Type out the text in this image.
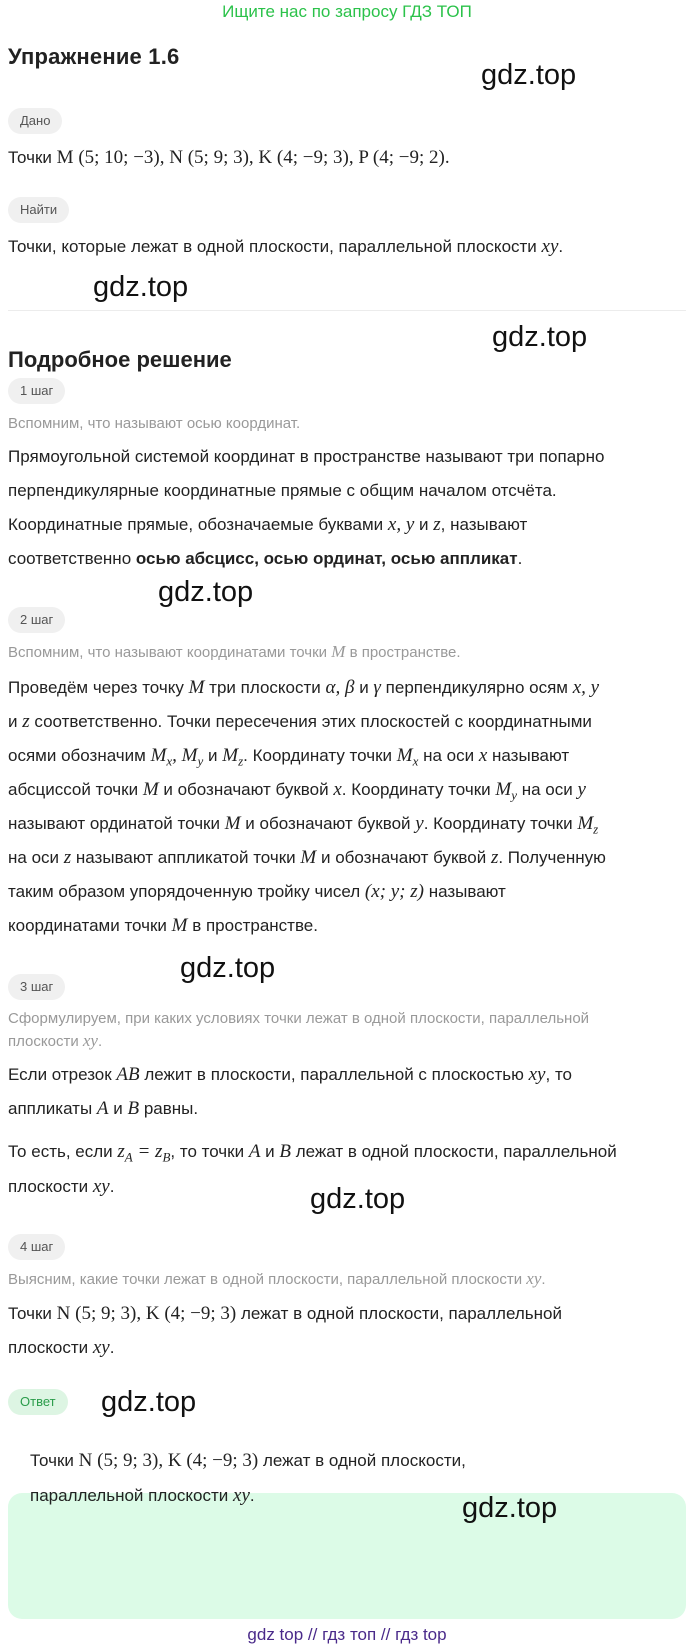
Ищите нас по запросу ГДЗ ТОП
Упражнение 1.6
gdz.top
Дано
Точки M (5; 10; −3), N (5; 9; 3), K (4; −9; 3), P (4; −9; 2).
Найти
Точки, которые лежат в одной плоскости, параллельной плоскости xy.
gdz.top
Подробное решение
gdz.top
1 шаг
Вспомним, что называют осью координат.
Прямоугольной системой координат в пространстве называют три попарно
перпендикулярные координатные прямые с общим началом отсчёта.
Координатные прямые, обозначаемые буквами x, y и z, называют
соответственно осью абсцисс, осью ординат, осью аппликат.
gdz.top
2 шаг
Вспомним, что называют координатами точки M в пространстве.
Проведём через точку M три плоскости α, β и γ перпендикулярно осям x, y
и z соответственно. Точки пересечения этих плоскостей с координатными
осями обозначим $M_x$, $M_y$ и $M_z$. Координату точки $M_x$ на оси x называют
абсциссой точки M и обозначают буквой x. Координату точки $M_y$ на оси y
называют ординатой точки M и обозначают буквой y. Координату точки $M_z$
на оси z называют аппликатой точки M и обозначают буквой z. Полученную
таким образом упорядоченную тройку чисел (x; y; z) называют
координатами точки M в пространстве.
gdz.top
3 шаг
Сформулируем, при каких условиях точки лежат в одной плоскости, параллельной
плоскости xy.
Если отрезок AB лежит в плоскости, параллельной с плоскостью xy, то
аппликаты A и B равны.
То есть, если $z_A = z_B$, то точки A и B лежат в одной плоскости, параллельной
плоскости xy.	gdz.top
4 шаг
Выясним, какие точки лежат в одной плоскости, параллельной плоскости xy.
Точки N (5; 9; 3), K (4; −9; 3) лежат в одной плоскости, параллельной
плоскости xy.
Ответ	gdz.top
Точки N (5; 9; 3), K (4; −9; 3) лежат в одной плоскости,
параллельной плоскости xy.	gdz.top
gdz top // гдз топ // гдз top
